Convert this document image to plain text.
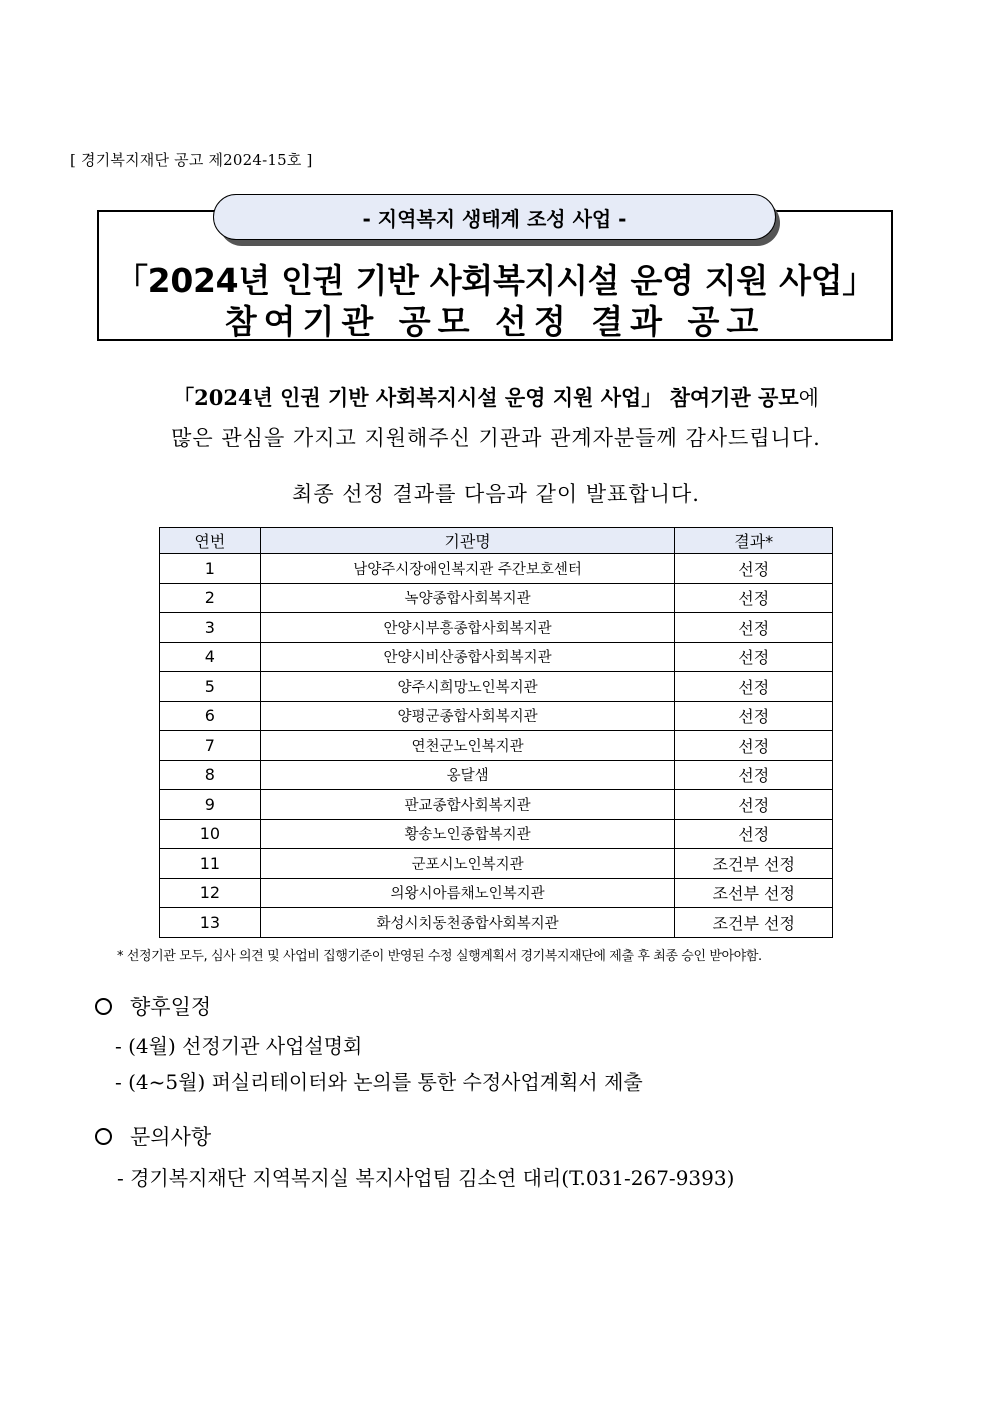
[ 경기복지재단 공고 제2024-15호 ]
- 지역복지 생태계 조성 사업 -
「2024년 인권 기반 사회복지시설 운영 지원 사업」
참여기관 공모 선정 결과 공고
「2024년 인권 기반 사회복지시설 운영 지원 사업」 참여기관 공모에
많은 관심을 가지고 지원해주신 기관과 관계자분들께 감사드립니다.
최종 선정 결과를 다음과 같이 발표합니다.
연번	기관명	결과*
1	남양주시장애인복지관 주간보호센터	선정
2	녹양종합사회복지관	선정
3	안양시부흥종합사회복지관	선정
4	안양시비산종합사회복지관	선정
5	양주시희망노인복지관	선정
6	양평군종합사회복지관	선정
7	연천군노인복지관	선정
8	옹달샘	선정
9	판교종합사회복지관	선정
10	황송노인종합복지관	선정
11	군포시노인복지관	조건부 선정
12	의왕시아름채노인복지관	조선부 선정
13	화성시치동천종합사회복지관	조건부 선정
* 선정기관 모두, 심사 의견 및 사업비 집행기준이 반영된 수정 실행계획서 경기복지재단에 제출 후 최종 승인 받아야함.
향후일정
- (4월) 선정기관 사업설명회
- (4~5월) 퍼실리테이터와 논의를 통한 수정사업계획서 제출
문의사항
- 경기복지재단 지역복지실 복지사업팀 김소연 대리(T.031-267-9393)
